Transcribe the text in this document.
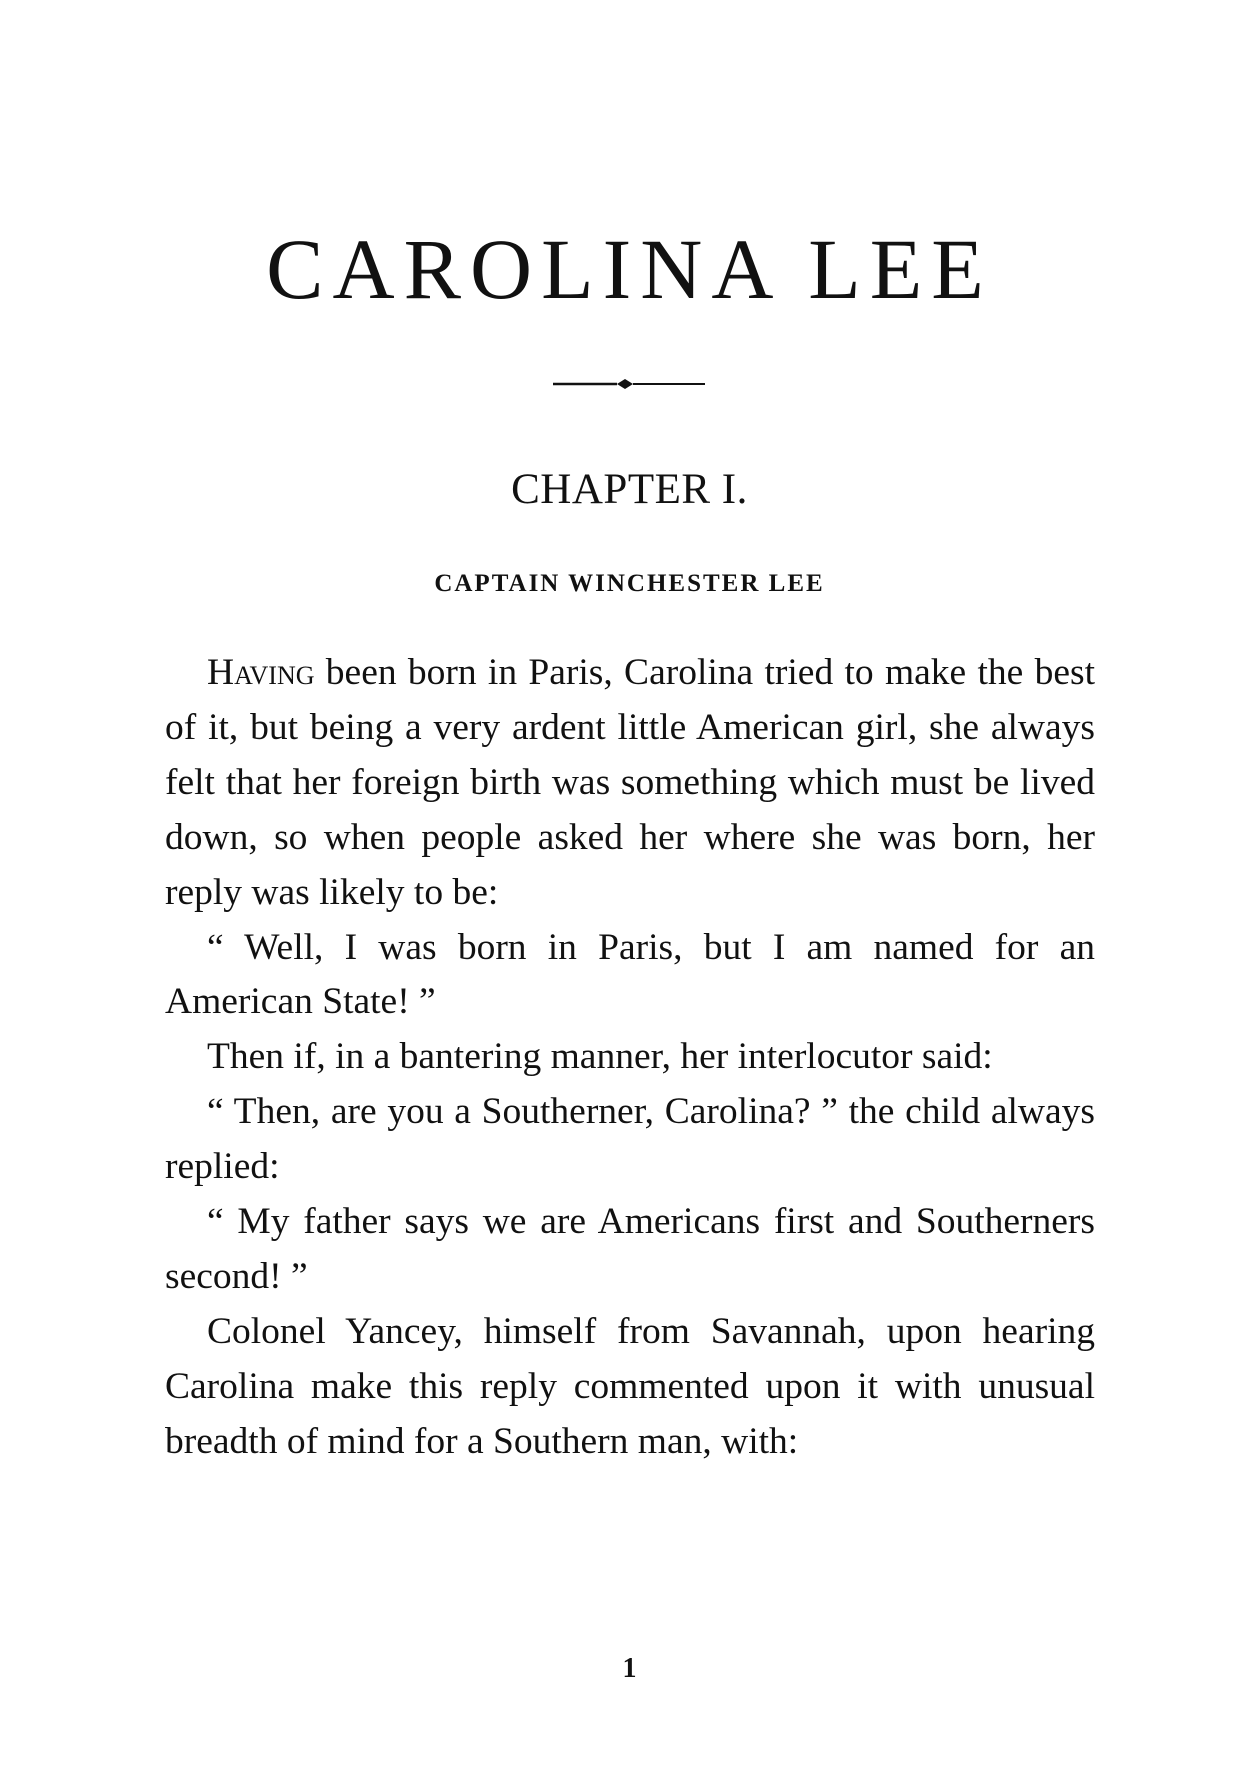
CAROLINA LEE
CHAPTER I.
CAPTAIN WINCHESTER LEE

Having been born in Paris, Carolina tried to make the best of it, but being a very ardent little American girl, she always felt that her foreign birth was something which must be lived down, so when people asked her where she was born, her reply was likely to be:

“ Well, I was born in Paris, but I am named for an American State! ”

Then if, in a bantering manner, her interlocutor said:

“ Then, are you a Southerner, Carolina? ” the child always replied:

“ My father says we are Americans first and Southerners second! ”

Colonel Yancey, himself from Savannah, upon hearing Carolina make this reply commented upon it with unusual breadth of mind for a Southern man, with:

1
